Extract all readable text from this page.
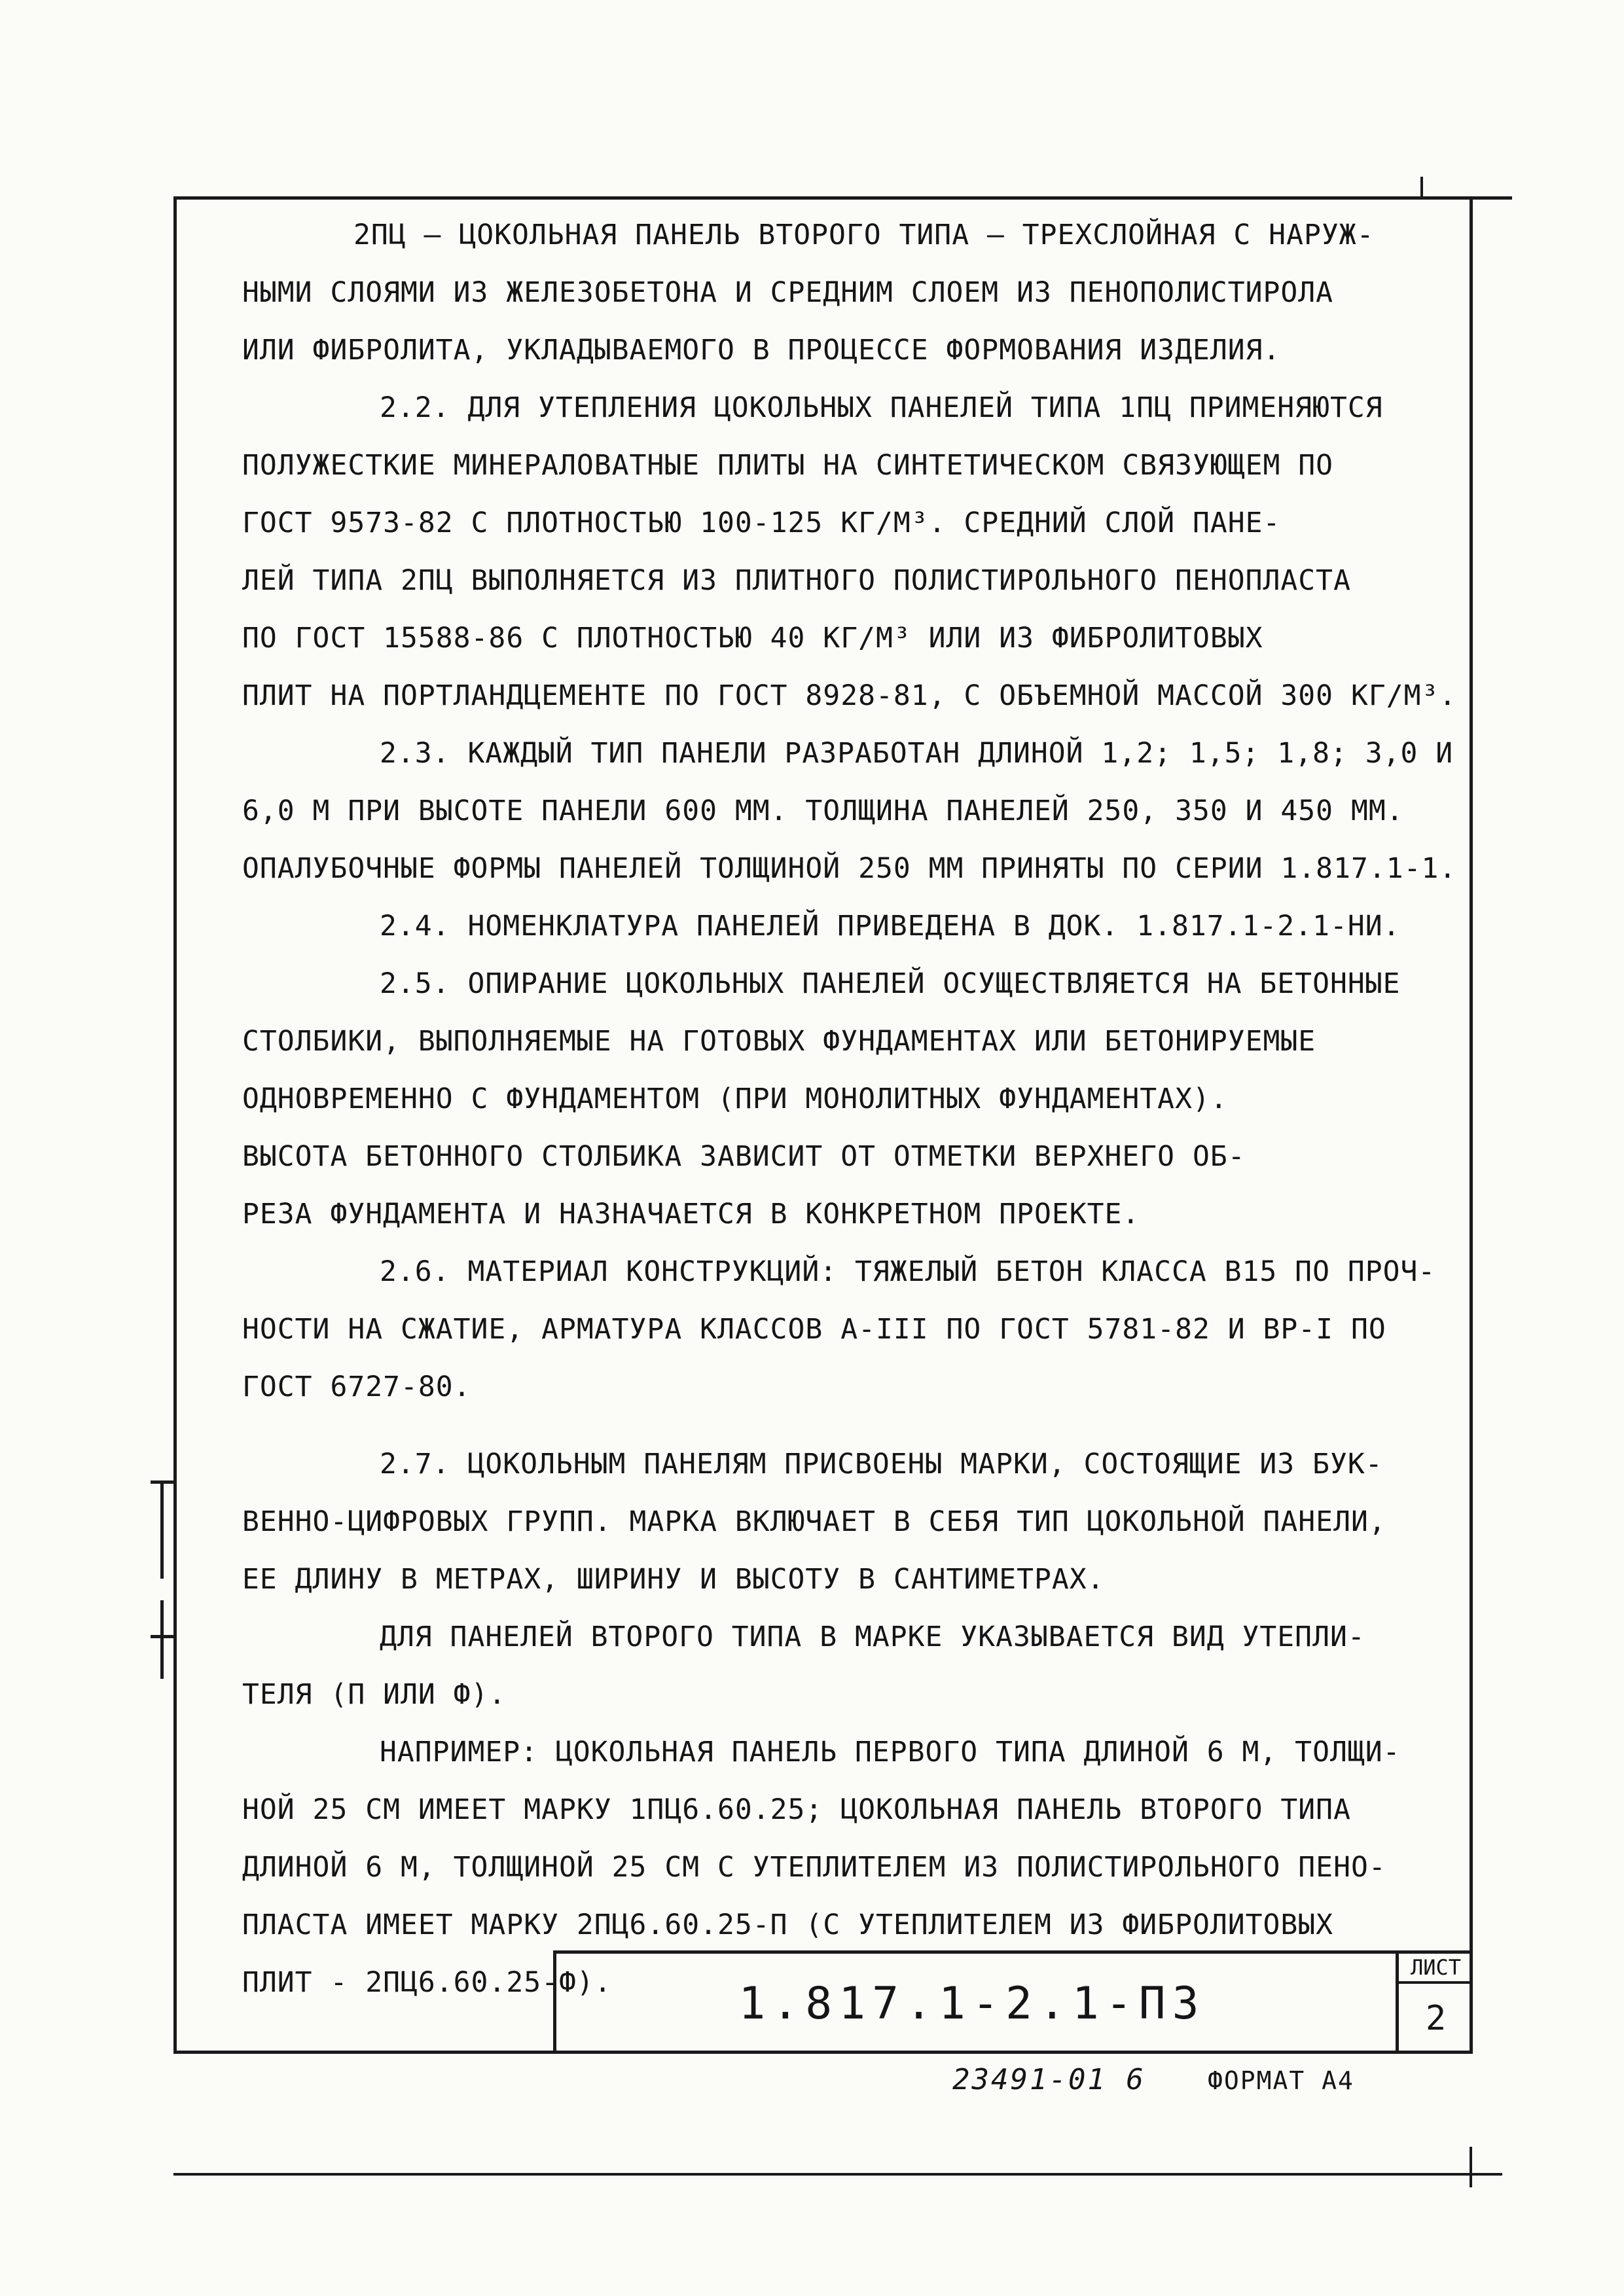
2ПЦ – ЦОКОЛЬНАЯ ПАНЕЛЬ ВТОРОГО ТИПА – ТРЕХСЛОЙНАЯ С НАРУЖ-
НЫМИ СЛОЯМИ ИЗ ЖЕЛЕЗОБЕТОНА И СРЕДНИМ СЛОЕМ ИЗ ПЕНОПОЛИСТИРОЛА
ИЛИ ФИБРОЛИТА, УКЛАДЫВАЕМОГО В ПРОЦЕССЕ ФОРМОВАНИЯ ИЗДЕЛИЯ.
2.2. ДЛЯ УТЕПЛЕНИЯ ЦОКОЛЬНЫХ ПАНЕЛЕЙ ТИПА 1ПЦ ПРИМЕНЯЮТСЯ
ПОЛУЖЕСТКИЕ МИНЕРАЛОВАТНЫЕ ПЛИТЫ НА СИНТЕТИЧЕСКОМ СВЯЗУЮЩЕМ ПО
ГОСТ 9573-82 С ПЛОТНОСТЬЮ 100-125 КГ/М³. СРЕДНИЙ СЛОЙ ПАНЕ-
ЛЕЙ ТИПА 2ПЦ ВЫПОЛНЯЕТСЯ ИЗ ПЛИТНОГО ПОЛИСТИРОЛЬНОГО ПЕНОПЛАСТА
ПО ГОСТ 15588-86 С ПЛОТНОСТЬЮ 40 КГ/М³ ИЛИ ИЗ ФИБРОЛИТОВЫХ
ПЛИТ НА ПОРТЛАНДЦЕМЕНТЕ ПО ГОСТ 8928-81, С ОБЪЕМНОЙ МАССОЙ 300 КГ/М³.
2.3. КАЖДЫЙ ТИП ПАНЕЛИ РАЗРАБОТАН ДЛИНОЙ 1,2; 1,5; 1,8; 3,0 И
6,0 М ПРИ ВЫСОТЕ ПАНЕЛИ 600 ММ. ТОЛЩИНА ПАНЕЛЕЙ 250, 350 И 450 ММ.
ОПАЛУБОЧНЫЕ ФОРМЫ ПАНЕЛЕЙ ТОЛЩИНОЙ 250 ММ ПРИНЯТЫ ПО СЕРИИ 1.817.1-1.
2.4. НОМЕНКЛАТУРА ПАНЕЛЕЙ ПРИВЕДЕНА В ДОК. 1.817.1-2.1-НИ.
2.5. ОПИРАНИЕ ЦОКОЛЬНЫХ ПАНЕЛЕЙ ОСУЩЕСТВЛЯЕТСЯ НА БЕТОННЫЕ
СТОЛБИКИ, ВЫПОЛНЯЕМЫЕ НА ГОТОВЫХ ФУНДАМЕНТАХ ИЛИ БЕТОНИРУЕМЫЕ
ОДНОВРЕМЕННО С ФУНДАМЕНТОМ (ПРИ МОНОЛИТНЫХ ФУНДАМЕНТАХ).
ВЫСОТА БЕТОННОГО СТОЛБИКА ЗАВИСИТ ОТ ОТМЕТКИ ВЕРХНЕГО ОБ-
РЕЗА ФУНДАМЕНТА И НАЗНАЧАЕТСЯ В КОНКРЕТНОМ ПРОЕКТЕ.
2.6. МАТЕРИАЛ КОНСТРУКЦИЙ: ТЯЖЕЛЫЙ БЕТОН КЛАССА В15 ПО ПРОЧ-
НОСТИ НА СЖАТИЕ, АРМАТУРА КЛАССОВ А-III ПО ГОСТ 5781-82 И ВР-I ПО
ГОСТ 6727-80.
2.7. ЦОКОЛЬНЫМ ПАНЕЛЯМ ПРИСВОЕНЫ МАРКИ, СОСТОЯЩИЕ ИЗ БУК-
ВЕННО-ЦИФРОВЫХ ГРУПП. МАРКА ВКЛЮЧАЕТ В СЕБЯ ТИП ЦОКОЛЬНОЙ ПАНЕЛИ,
ЕЕ ДЛИНУ В МЕТРАХ, ШИРИНУ И ВЫСОТУ В САНТИМЕТРАХ.
ДЛЯ ПАНЕЛЕЙ ВТОРОГО ТИПА В МАРКЕ УКАЗЫВАЕТСЯ ВИД УТЕПЛИ-
ТЕЛЯ (П ИЛИ Ф).
НАПРИМЕР: ЦОКОЛЬНАЯ ПАНЕЛЬ ПЕРВОГО ТИПА ДЛИНОЙ 6 М, ТОЛЩИ-
НОЙ 25 СМ ИМЕЕТ МАРКУ 1ПЦ6.60.25; ЦОКОЛЬНАЯ ПАНЕЛЬ ВТОРОГО ТИПА
ДЛИНОЙ 6 М, ТОЛЩИНОЙ 25 СМ С УТЕПЛИТЕЛЕМ ИЗ ПОЛИСТИРОЛЬНОГО ПЕНО-
ПЛАСТА ИМЕЕТ МАРКУ 2ПЦ6.60.25-П (С УТЕПЛИТЕЛЕМ ИЗ ФИБРОЛИТОВЫХ
ПЛИТ - 2ПЦ6.60.25-Ф).	1.817.1-2.1-ПЗ
ЛИСТ
2
23491-01 6	ФОРМАТ А4
